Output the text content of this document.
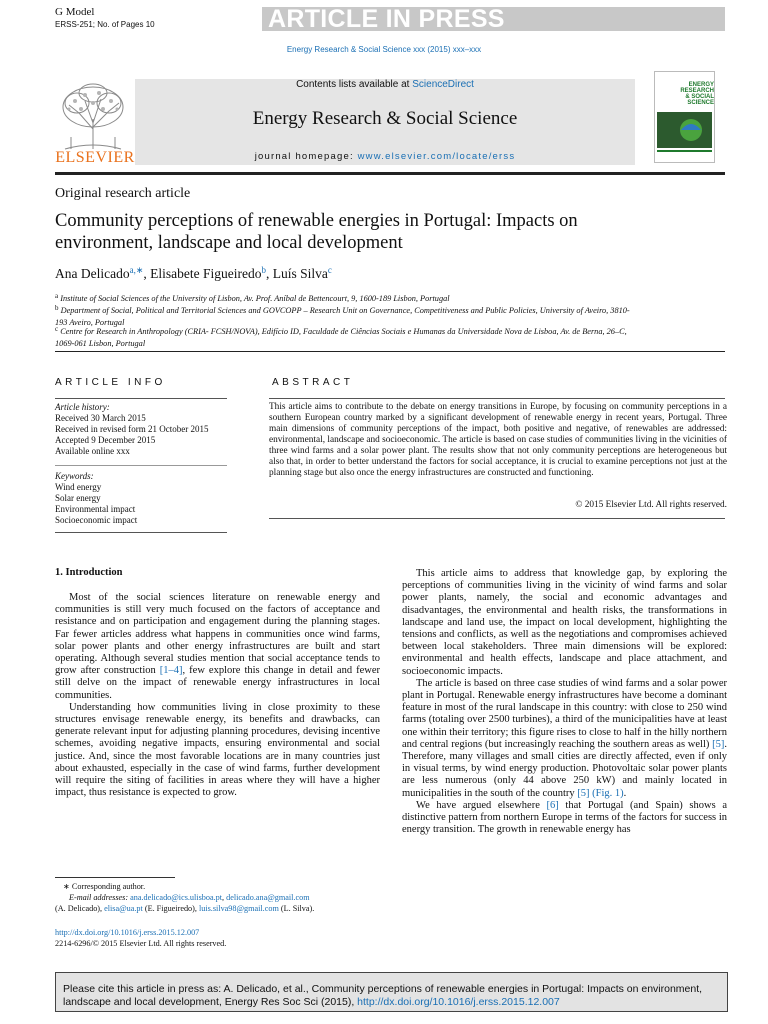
G Model
ERSS-251; No. of Pages 10	ARTICLE IN PRESS
Energy Research & Social Science xxx (2015) xxx–xxx
ELSEVIER
Contents lists available at ScienceDirect
Energy Research & Social Science
journal homepage: www.elsevier.com/locate/erss
ENERGY RESEARCH & SOCIAL SCIENCE
Original research article
Community perceptions of renewable energies in Portugal: Impacts on environment, landscape and local development
Ana Delicado$^{a,∗}$, Elisabete Figueiredo$^b$, Luís Silva$^c$
$^a$ Institute of Social Sciences of the University of Lisbon, Av. Prof. Aníbal de Bettencourt, 9, 1600-189 Lisbon, Portugal
$^b$ Department of Social, Political and Territorial Sciences and GOVCOPP – Research Unit on Governance, Competitiveness and Public Policies, University of Aveiro, 3810-193 Aveiro, Portugal
$^c$ Centre for Research in Anthropology (CRIA- FCSH/NOVA), Edifício ID, Faculdade de Ciências Sociais e Humanas da Universidade Nova de Lisboa, Av. de Berna, 26–C, 1069-061 Lisbon, Portugal
ARTICLE INFO	ABSTRACT
Article history:
Received 30 March 2015
Received in revised form 21 October 2015
Accepted 9 December 2015
Available online xxx
Keywords:
Wind energy
Solar energy
Environmental impact
Socioeconomic impact
This article aims to contribute to the debate on energy transitions in Europe, by focusing on community perceptions in a southern European country marked by a significant development of renewable energy in recent years, Portugal. Three main dimensions of community perceptions of the impact, both positive and negative, of renewables are addressed: environmental, landscape and socioeconomic. The article is based on case studies of communities living in the vicinities of three wind farms and a solar power plant. The results show that not only community perceptions are heterogeneous but also that, in order to better understand the factors for social acceptance, it is crucial to examine perceptions not just at the planning stage but also once the energy infrastructures are constructed and functioning.
© 2015 Elsevier Ltd. All rights reserved.
1. Introduction

Most of the social sciences literature on renewable energy and communities is still very much focused on the factors of acceptance and resistance and on participation and engagement during the planning stages. Far fewer articles address what happens in communities once wind farms, solar power plants and other energy infrastructures are built and start operating. Although several studies mention that social acceptance tends to grow after construction [1–4], few explore this change in detail and fewer still delve on the impact of renewable energy infrastructures in local communities.

Understanding how communities living in close proximity to these structures envisage renewable energy, its benefits and drawbacks, can generate relevant input for adjusting planning procedures, devising incentive schemes, avoiding negative impacts, ensuring environmental and social justice. And, since the most favorable locations are in many countries just about exhausted, especially in the case of wind farms, further development will require the siting of facilities in areas where they will have a higher impact, thus resistance is expected to grow.

This article aims to address that knowledge gap, by exploring the perceptions of communities living in the vicinity of wind farms and solar power plants, namely, the social and economic advantages and disadvantages, the environmental and health risks, the transformations in landscape and land use, the impact on local development, highlighting the tensions and conflicts, as well as the negotiations and compromises achieved between local stakeholders. Three main dimensions will be explored: environmental and health effects, landscape and place attachment, and socioeconomic impacts.

The article is based on three case studies of wind farms and a solar power plant in Portugal. Renewable energy infrastructures have become a dominant feature in most of the rural landscape in this country: with close to 250 wind farms (totaling over 2500 turbines), a third of the municipalities have at least one within their territory; this figure rises to close to half in the hilly northern and central regions (but increasingly reaching the southern areas as well) [5]. Therefore, many villages and small cities are directly affected, even if only in visual terms, by wind energy production. Photovoltaic solar power plants are less numerous (only 44 above 250 kW) and mainly located in municipalities in the south of the country [5] (Fig. 1).

We have argued elsewhere [6] that Portugal (and Spain) shows a distinctive pattern from northern Europe in terms of the factors for success in energy transition. The growth in renewable energy has

∗ Corresponding author.
E-mail addresses: ana.delicado@ics.ulisboa.pt, delicado.ana@gmail.com
(A. Delicado), elisa@ua.pt (E. Figueiredo), luis.silva98@gmail.com (L. Silva).
http://dx.doi.org/10.1016/j.erss.2015.12.007
2214-6296/© 2015 Elsevier Ltd. All rights reserved.
Please cite this article in press as: A. Delicado, et al., Community perceptions of renewable energies in Portugal: Impacts on environment, landscape and local development, Energy Res Soc Sci (2015), http://dx.doi.org/10.1016/j.erss.2015.12.007
